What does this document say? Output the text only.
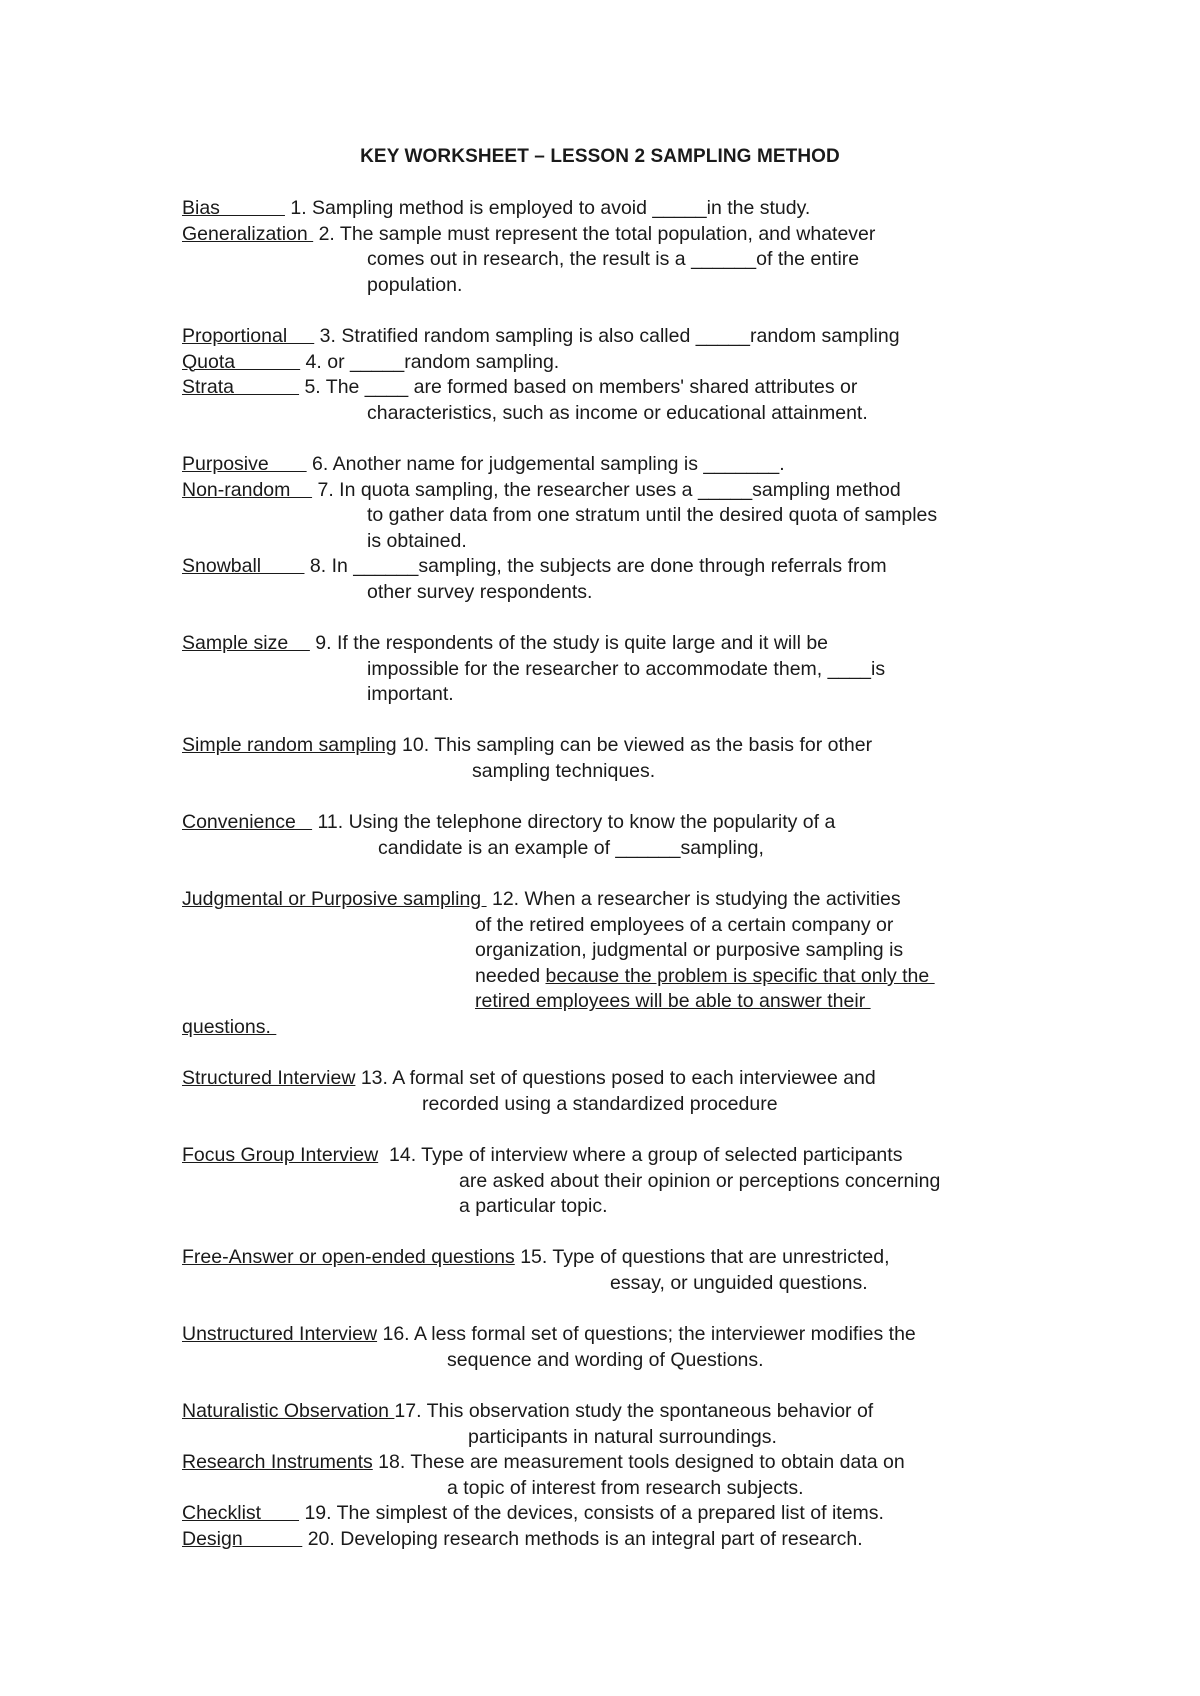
KEY WORKSHEET – LESSON 2 SAMPLING METHOD
Bias             1. Sampling method is employed to avoid _____in the study.
Generalization  2. The sample must represent the total population, and whatever
comes out in research, the result is a ______of the entire
population.
Proportional      3. Stratified random sampling is also called _____random sampling
Quota             4. or _____random sampling.
Strata             5. The ____ are formed based on members' shared attributes or
characteristics, such as income or educational attainment.
Purposive        6. Another name for judgemental sampling is _______.
Non-random     7. In quota sampling, the researcher uses a _____sampling method
to gather data from one stratum until the desired quota of samples
is obtained.
Snowball         8. In ______sampling, the subjects are done through referrals from
other survey respondents.
Sample size     9. If the respondents of the study is quite large and it will be
impossible for the researcher to accommodate them, ____is
important.
Simple random sampling 10. This sampling can be viewed as the basis for other
sampling techniques.
Convenience    11. Using the telephone directory to know the popularity of a
candidate is an example of ______sampling,
Judgmental or Purposive sampling  12. When a researcher is studying the activities
of the retired employees of a certain company or
organization, judgmental or purposive sampling is
needed because the problem is specific that only the
retired employees will be able to answer their
questions.
Structured Interview 13. A formal set of questions posed to each interviewee and
recorded using a standardized procedure
Focus Group Interview  14. Type of interview where a group of selected participants
are asked about their opinion or perceptions concerning
a particular topic.
Free-Answer or open-ended questions 15. Type of questions that are unrestricted,
essay, or unguided questions.
Unstructured Interview 16. A less formal set of questions; the interviewer modifies the
sequence and wording of Questions.
Naturalistic Observation 17. This observation study the spontaneous behavior of
participants in natural surroundings.
Research Instruments 18. These are measurement tools designed to obtain data on
a topic of interest from research subjects.
Checklist        19. The simplest of the devices, consists of a prepared list of items.
Design            20. Developing research methods is an integral part of research.
